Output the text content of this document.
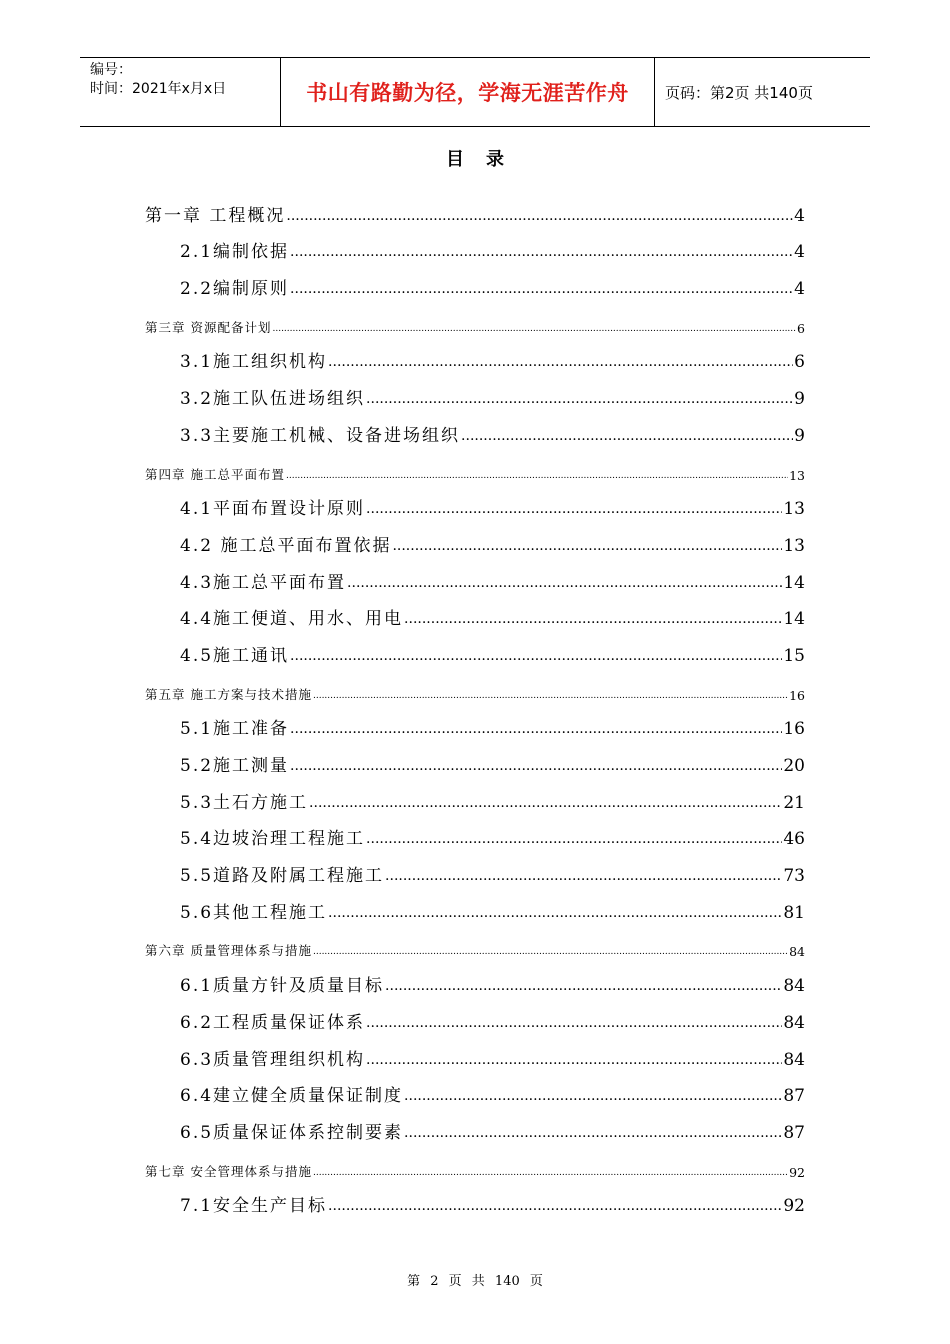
编号：
时间：2021年x月x日	书山有路勤为径，学海无涯苦作舟	页码：第2页 共140页
目录
第一章 工程概况 .....	4
2.1编制依据 .....	4
2.2编制原则 .....	4
第三章 资源配备计划 .....	6
3.1施工组织机构 .....	6
3.2施工队伍进场组织 .....	9
3.3主要施工机械、设备进场组织 .....	9
第四章 施工总平面布置 .....	13
4.1平面布置设计原则 .....	13
4.2 施工总平面布置依据 .....	13
4.3施工总平面布置 .....	14
4.4施工便道、用水、用电 .....	14
4.5施工通讯 .....	15
第五章 施工方案与技术措施 .....	16
5.1施工准备 .....	16
5.2施工测量 .....	20
5.3土石方施工 .....	21
5.4边坡治理工程施工 .....	46
5.5道路及附属工程施工 .....	73
5.6其他工程施工 .....	81
第六章 质量管理体系与措施 .....	84
6.1质量方针及质量目标 .....	84
6.2工程质量保证体系 .....	84
6.3质量管理组织机构 .....	84
6.4建立健全质量保证制度 .....	87
6.5质量保证体系控制要素 .....	87
第七章 安全管理体系与措施 .....	92
7.1安全生产目标 .....	92
第 2 页 共 140 页
